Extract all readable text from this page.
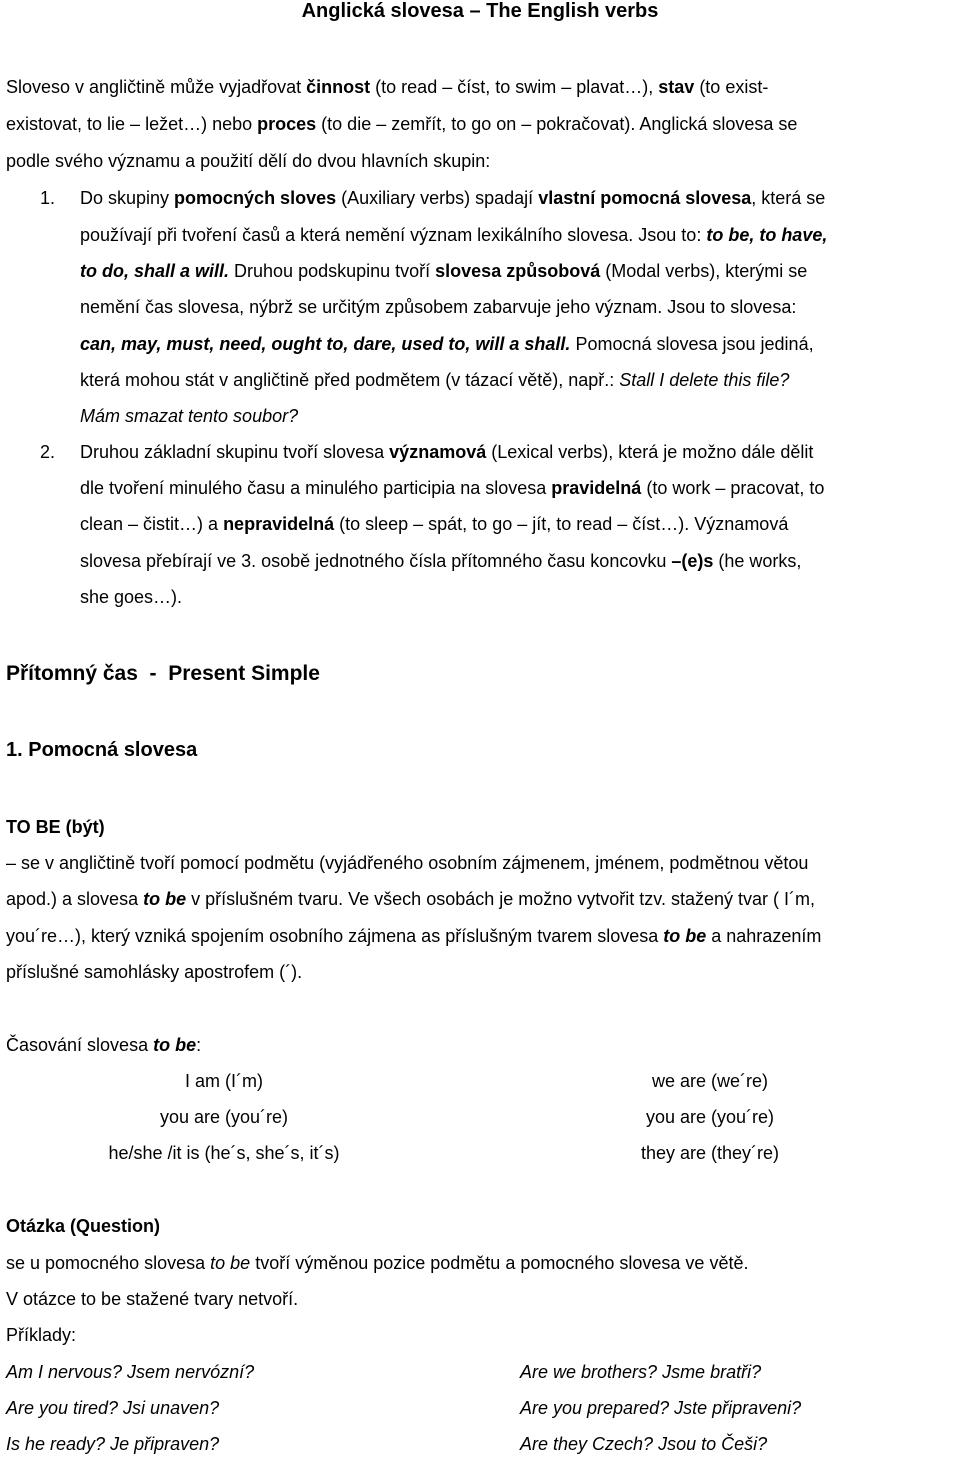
Anglická slovesa – The English verbs
Sloveso v angličtině může vyjadřovat činnost (to read – číst, to swim – plavat…), stav (to exist-
existovat, to lie – ležet…) nebo proces (to die – zemřít, to go on – pokračovat). Anglická slovesa se
podle svého významu a použití dělí do dvou hlavních skupin:
1. Do skupiny pomocných sloves (Auxiliary verbs) spadají vlastní pomocná slovesa, která se
používají při tvoření časů a která nemění význam lexikálního slovesa. Jsou to: to be, to have,
to do, shall a will. Druhou podskupinu tvoří slovesa způsobová (Modal verbs), kterými se
nemění čas slovesa, nýbrž se určitým způsobem zabarvuje jeho význam. Jsou to slovesa:
can, may, must, need, ought to, dare, used to, will a shall. Pomocná slovesa jsou jediná,
která mohou stát v angličtině před podmětem (v tázací větě), např.: Stall I delete this file?
Mám smazat tento soubor?
2. Druhou základní skupinu tvoří slovesa významová (Lexical verbs), která je možno dále dělit
dle tvoření minulého času a minulého participia na slovesa pravidelná (to work – pracovat, to
clean – čistit…) a nepravidelná (to sleep – spát, to go – jít, to read – číst…). Významová
slovesa přebírají ve 3. osobě jednotného čísla přítomného času koncovku –(e)s (he works,
she goes…).
Přítomný čas  -  Present Simple
1. Pomocná slovesa
TO BE (být)
– se v angličtině tvoří pomocí podmětu (vyjádřeného osobním zájmenem, jménem, podmětnou větou
apod.) a slovesa to be v příslušném tvaru. Ve všech osobách je možno vytvořit tzv. stažený tvar ( I´m,
you´re…), který vzniká spojením osobního zájmena as příslušným tvarem slovesa to be a nahrazením
příslušné samohlásky apostrofem (´).
Časování slovesa to be:
I am (I´m)
you are (you´re)
he/she /it is (he´s, she´s, it´s)
we are (we´re)
you are (you´re)
they are (they´re)
Otázka (Question)
se u pomocného slovesa to be tvoří výměnou pozice podmětu a pomocného slovesa ve větě.
V otázce to be stažené tvary netvoří.
Příklady:
Am I nervous? Jsem nervózní?
Are you tired? Jsi unaven?
Is he ready? Je připraven?
Are we brothers? Jsme bratři?
Are you prepared? Jste připraveni?
Are they Czech? Jsou to Češi?
